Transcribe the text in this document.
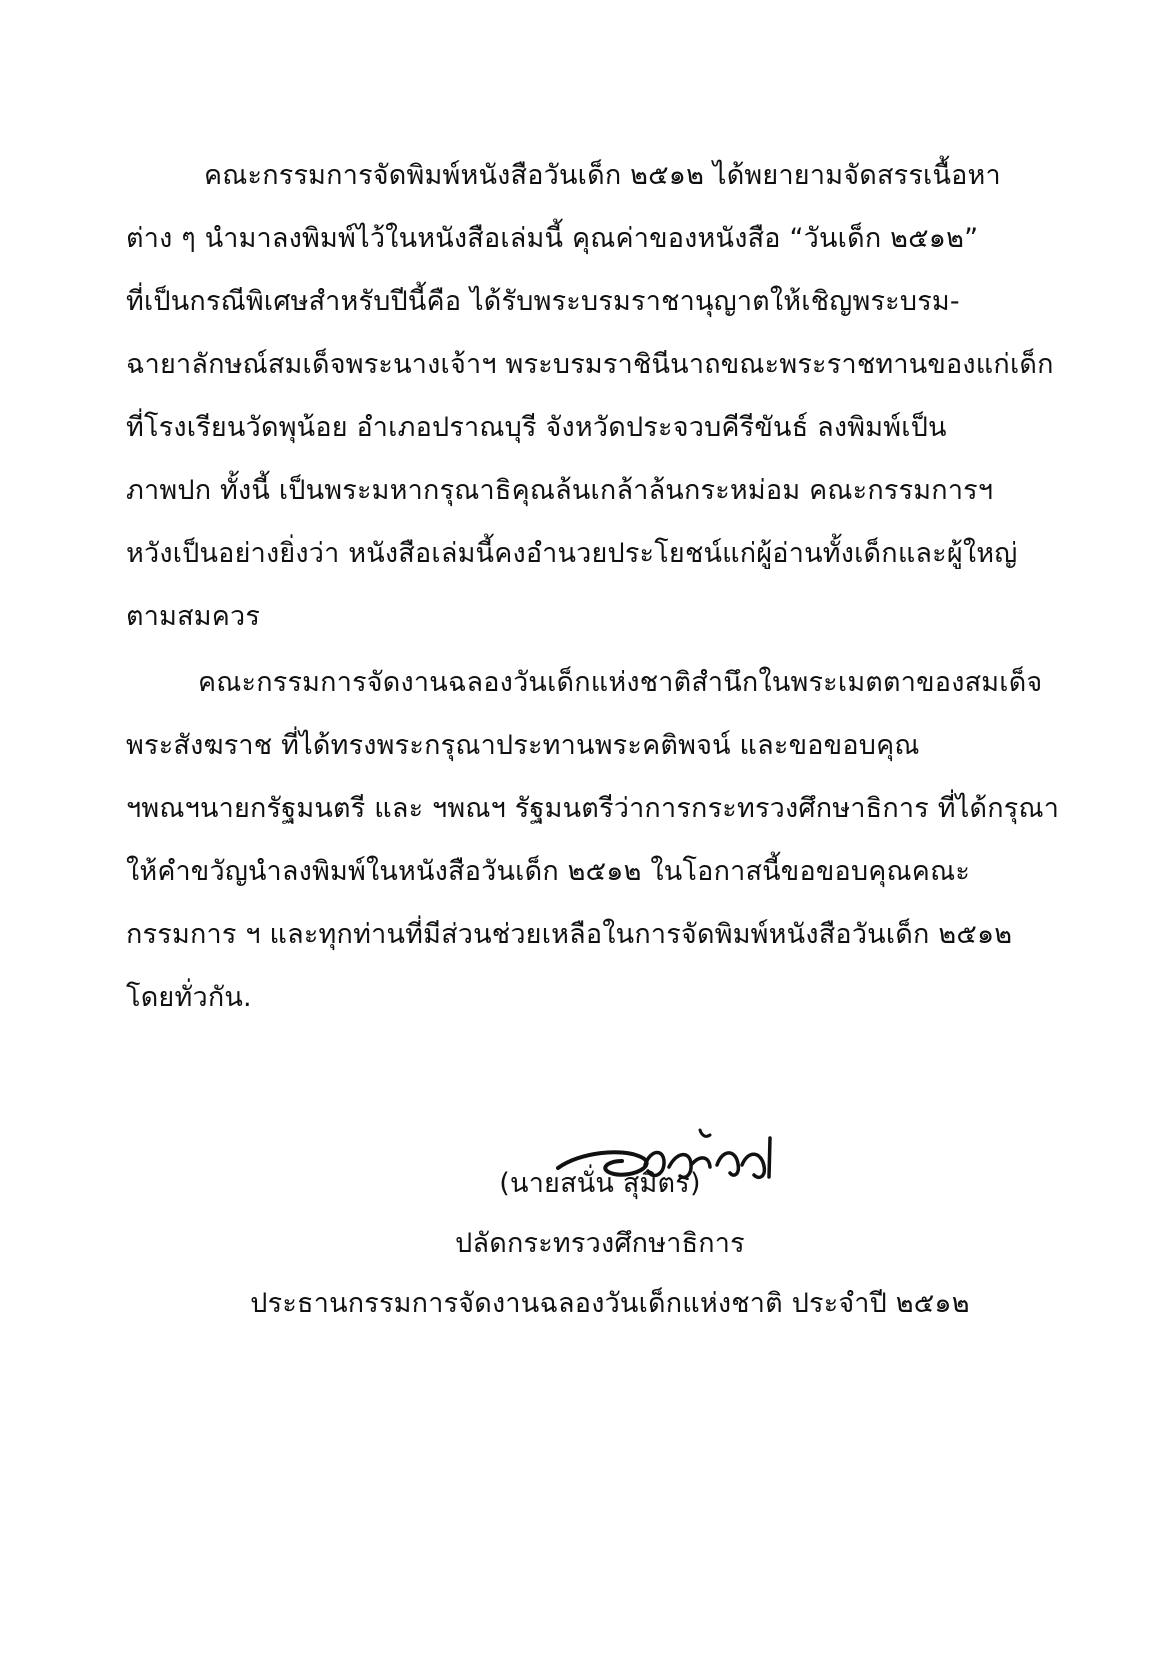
คณะกรรมการจัดพิมพ์หนังสือวันเด็ก ๒๕๑๒ ได้พยายามจัดสรรเนื้อหา
ต่าง ๆ นำมาลงพิมพ์ไว้ในหนังสือเล่มนี้ คุณค่าของหนังสือ “วันเด็ก ๒๕๑๒”
ที่เป็นกรณีพิเศษสำหรับปีนี้คือ ได้รับพระบรมราชานุญาตให้เชิญพระบรม-
ฉายาลักษณ์สมเด็จพระนางเจ้าฯ พระบรมราชินีนาถขณะพระราชทานของแก่เด็ก
ที่โรงเรียนวัดพุน้อย อำเภอปราณบุรี จังหวัดประจวบคีรีขันธ์ ลงพิมพ์เป็น
ภาพปก ทั้งนี้ เป็นพระมหากรุณาธิคุณล้นเกล้าล้นกระหม่อม คณะกรรมการฯ
หวังเป็นอย่างยิ่งว่า หนังสือเล่มนี้คงอำนวยประโยชน์แก่ผู้อ่านทั้งเด็กและผู้ใหญ่
ตามสมควร
คณะกรรมการจัดงานฉลองวันเด็กแห่งชาติสำนึกในพระเมตตาของสมเด็จ
พระสังฆราช ที่ได้ทรงพระกรุณาประทานพระคติพจน์ และขอขอบคุณ
ฯพณฯนายกรัฐมนตรี และ ฯพณฯ รัฐมนตรีว่าการกระทรวงศึกษาธิการ ที่ได้กรุณา
ให้คำขวัญนำลงพิมพ์ในหนังสือวันเด็ก ๒๕๑๒ ในโอกาสนี้ขอขอบคุณคณะ
กรรมการ ฯ และทุกท่านที่มีส่วนช่วยเหลือในการจัดพิมพ์หนังสือวันเด็ก ๒๕๑๒
โดยทั่วกัน.
(นายสนั่น สุมิตร)
ปลัดกระทรวงศึกษาธิการ
ประธานกรรมการจัดงานฉลองวันเด็กแห่งชาติ ประจำปี ๒๕๑๒
